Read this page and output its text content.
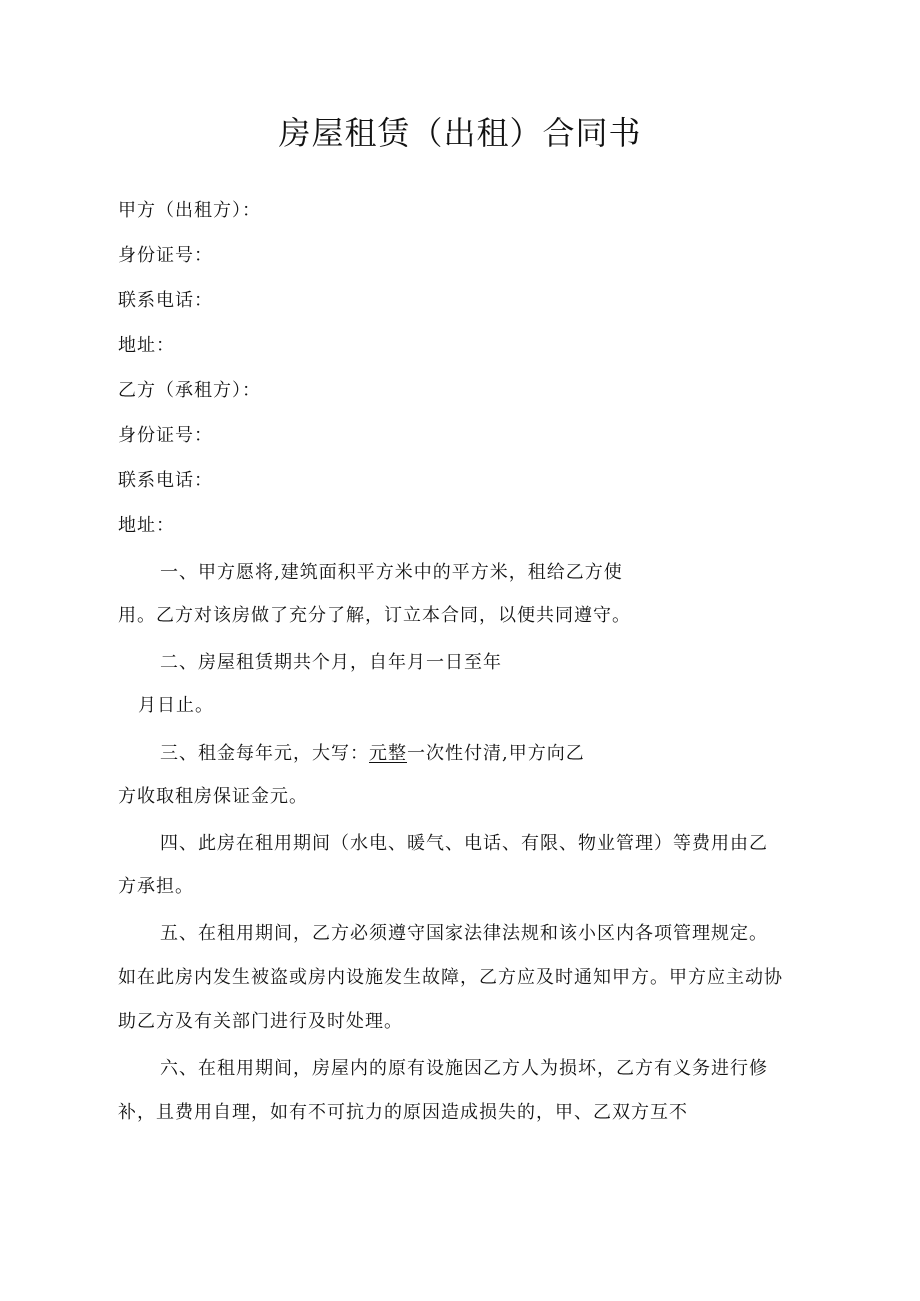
房屋租赁（出租）合同书
甲方（出租方）：
身份证号：
联系电话：
地址：
乙方（承租方）：
身份证号：
联系电话：
地址：
一、甲方愿将,建筑面积平方米中的平方米，租给乙方使
用。乙方对该房做了充分了解，订立本合同，以便共同遵守。
二、房屋租赁期共个月，自年月一日至年
月日止。
三、租金每年元，大写：元整一次性付清,甲方向乙
方收取租房保证金元。
四、此房在租用期间（水电、暖气、电话、有限、物业管理）等费用由乙
方承担。
五、在租用期间，乙方必须遵守国家法律法规和该小区内各项管理规定。
如在此房内发生被盗或房内设施发生故障，乙方应及时通知甲方。甲方应主动协
助乙方及有关部门进行及时处理。
六、在租用期间，房屋内的原有设施因乙方人为损坏，乙方有义务进行修
补，且费用自理，如有不可抗力的原因造成损失的，甲、乙双方互不
